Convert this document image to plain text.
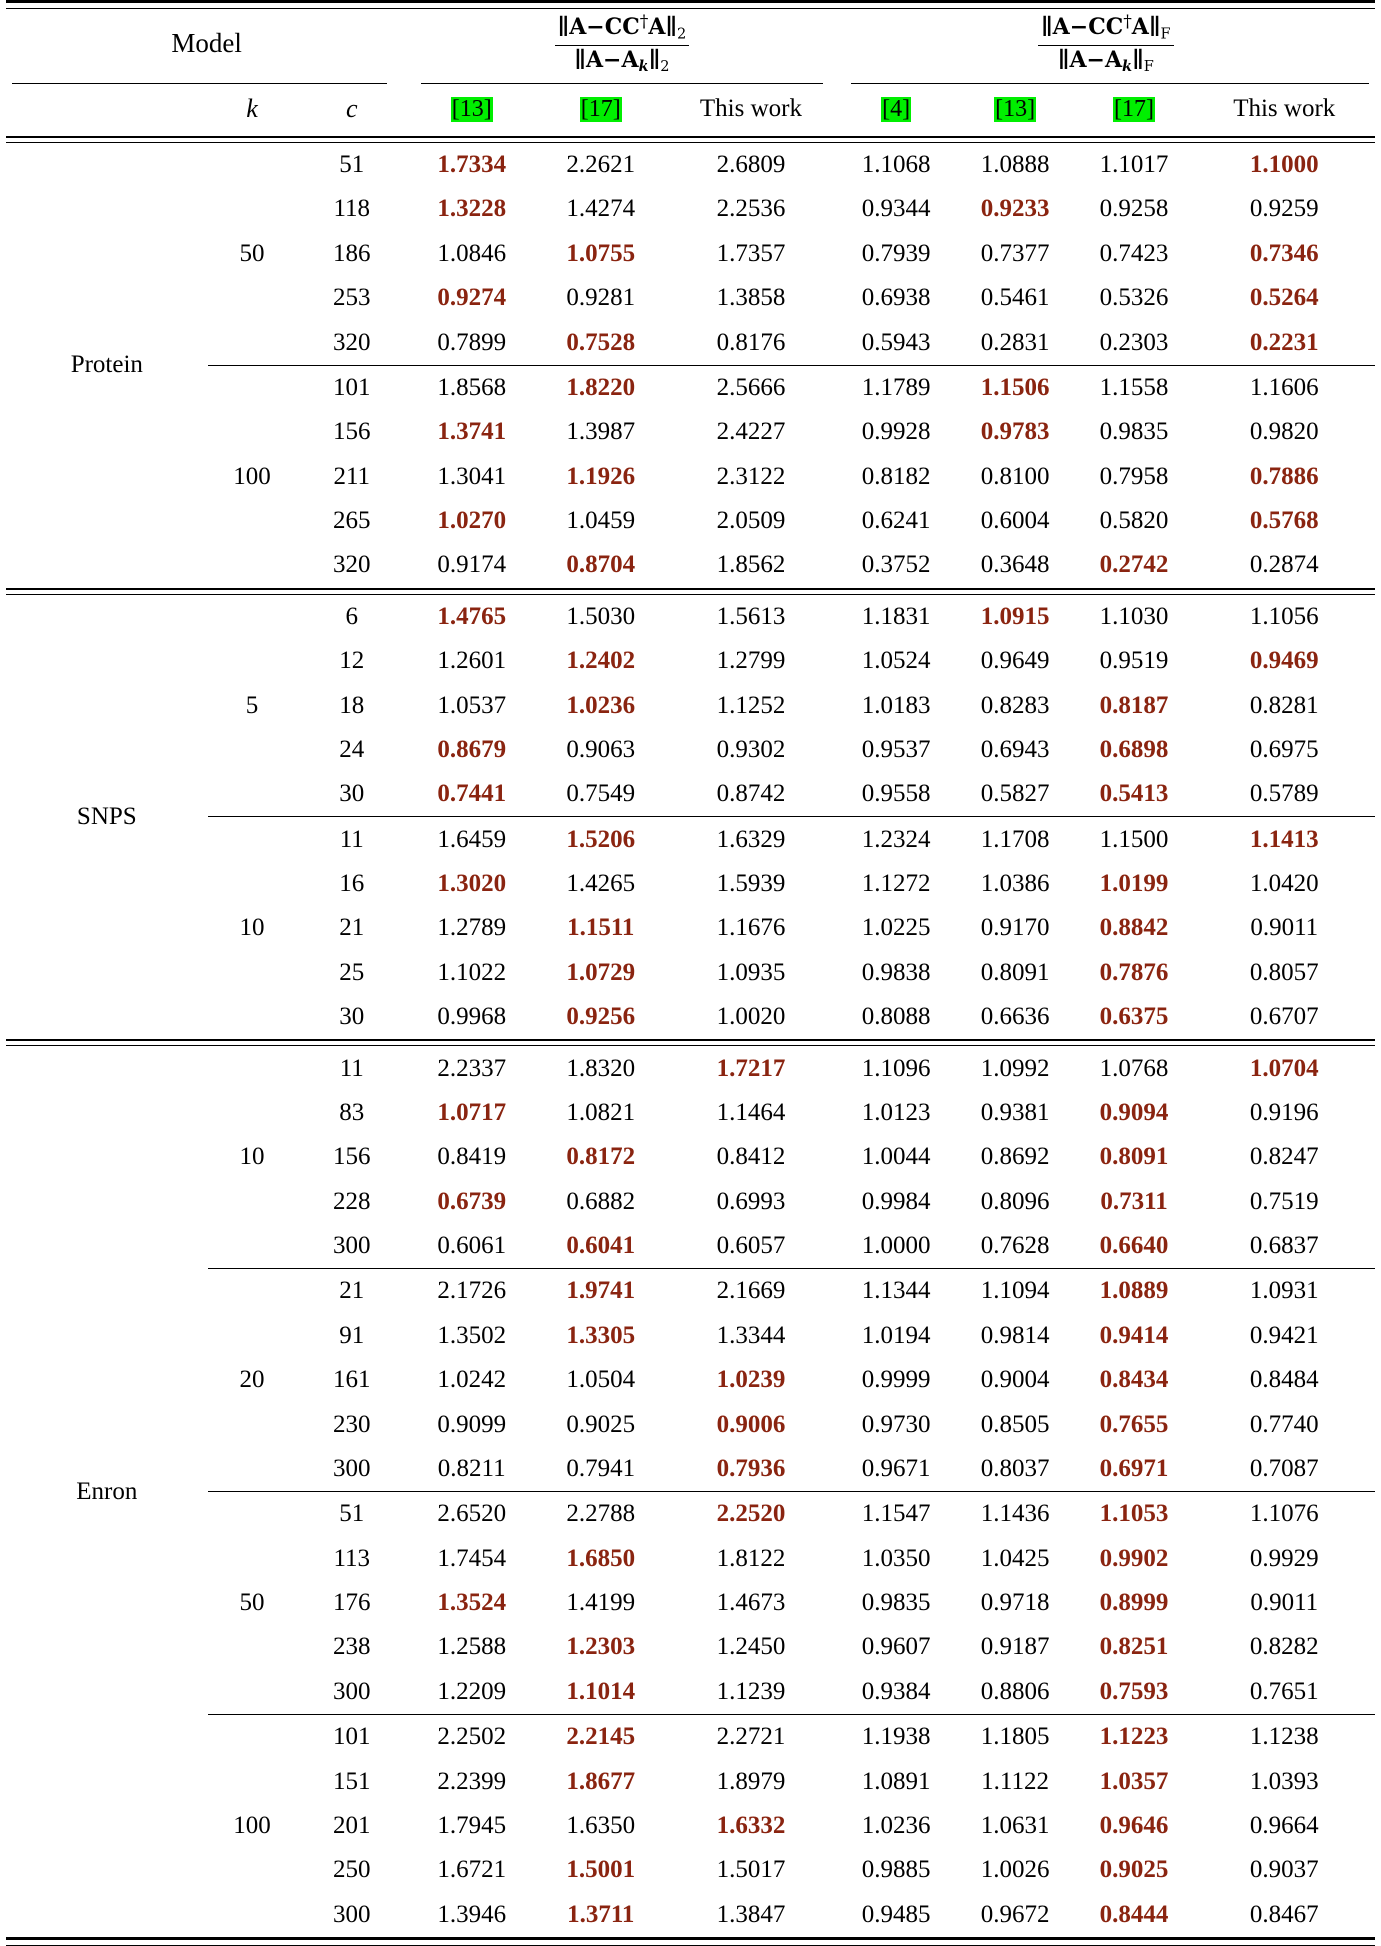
Model			$\frac{\parallel A-CC^\dagger A\parallel_2}{\parallel A-Ak\parallel_2}$			$\frac{\parallel A-CC^\dagger A\parallel_F}{\parallel A-Ak\parallel_F}$

	k	c	[13]	[17]	This work	[4]	[13]	[17]	This work

Protein		51	1.7334	2.2621	2.6809	1.1068	1.0888	1.1017	1.1000
		118	1.3228	1.4274	2.2536	0.9344	0.9233	0.9258	0.9259
	50	186	1.0846	1.0755	1.7357	0.7939	0.7377	0.7423	0.7346
		253	0.9274	0.9281	1.3858	0.6938	0.5461	0.5326	0.5264
		320	0.7899	0.7528	0.8176	0.5943	0.2831	0.2303	0.2231

		101	1.8568	1.8220	2.5666	1.1789	1.1506	1.1558	1.1606
		156	1.3741	1.3987	2.4227	0.9928	0.9783	0.9835	0.9820
	100	211	1.3041	1.1926	2.3122	0.8182	0.8100	0.7958	0.7886
		265	1.0270	1.0459	2.0509	0.6241	0.6004	0.5820	0.5768
		320	0.9174	0.8704	1.8562	0.3752	0.3648	0.2742	0.2874

SNPS		6	1.4765	1.5030	1.5613	1.1831	1.0915	1.1030	1.1056
		12	1.2601	1.2402	1.2799	1.0524	0.9649	0.9519	0.9469
	5	18	1.0537	1.0236	1.1252	1.0183	0.8283	0.8187	0.8281
		24	0.8679	0.9063	0.9302	0.9537	0.6943	0.6898	0.6975
		30	0.7441	0.7549	0.8742	0.9558	0.5827	0.5413	0.5789

		11	1.6459	1.5206	1.6329	1.2324	1.1708	1.1500	1.1413
		16	1.3020	1.4265	1.5939	1.1272	1.0386	1.0199	1.0420
	10	21	1.2789	1.1511	1.1676	1.0225	0.9170	0.8842	0.9011
		25	1.1022	1.0729	1.0935	0.9838	0.8091	0.7876	0.8057
		30	0.9968	0.9256	1.0020	0.8088	0.6636	0.6375	0.6707

Enron		11	2.2337	1.8320	1.7217	1.1096	1.0992	1.0768	1.0704
		83	1.0717	1.0821	1.1464	1.0123	0.9381	0.9094	0.9196
	10	156	0.8419	0.8172	0.8412	1.0044	0.8692	0.8091	0.8247
		228	0.6739	0.6882	0.6993	0.9984	0.8096	0.7311	0.7519
		300	0.6061	0.6041	0.6057	1.0000	0.7628	0.6640	0.6837

		21	2.1726	1.9741	2.1669	1.1344	1.1094	1.0889	1.0931
		91	1.3502	1.3305	1.3344	1.0194	0.9814	0.9414	0.9421
	20	161	1.0242	1.0504	1.0239	0.9999	0.9004	0.8434	0.8484
		230	0.9099	0.9025	0.9006	0.9730	0.8505	0.7655	0.7740
		300	0.8211	0.7941	0.7936	0.9671	0.8037	0.6971	0.7087

		51	2.6520	2.2788	2.2520	1.1547	1.1436	1.1053	1.1076
		113	1.7454	1.6850	1.8122	1.0350	1.0425	0.9902	0.9929
	50	176	1.3524	1.4199	1.4673	0.9835	0.9718	0.8999	0.9011
		238	1.2588	1.2303	1.2450	0.9607	0.9187	0.8251	0.8282
		300	1.2209	1.1014	1.1239	0.9384	0.8806	0.7593	0.7651

		101	2.2502	2.2145	2.2721	1.1938	1.1805	1.1223	1.1238
		151	2.2399	1.8677	1.8979	1.0891	1.1122	1.0357	1.0393
	100	201	1.7945	1.6350	1.6332	1.0236	1.0631	0.9646	0.9664
		250	1.6721	1.5001	1.5017	0.9885	1.0026	0.9025	0.9037
		300	1.3946	1.3711	1.3847	0.9485	0.9672	0.8444	0.8467
